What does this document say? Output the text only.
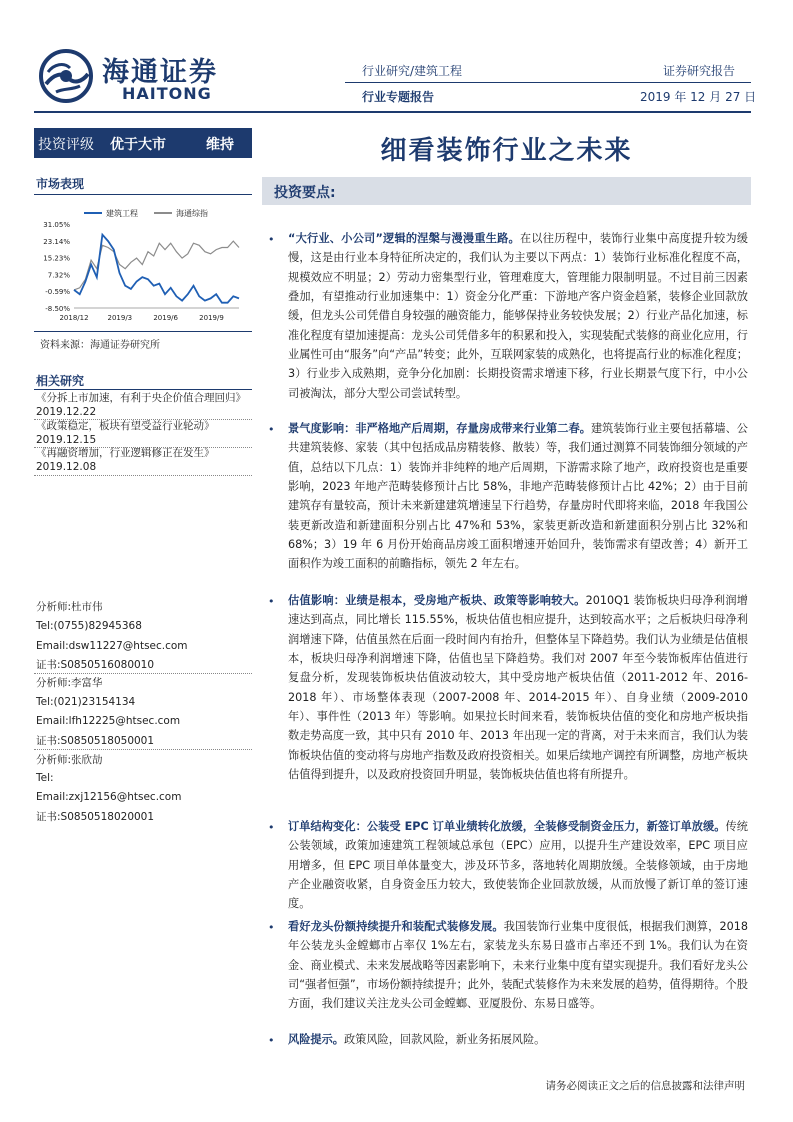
海通证券
HAITONG
行业研究/建筑工程	证券研究报告
行业专题报告	2019 年 12 月 27 日
投资评级 优于大市	维持
市场表现
建筑工程	海通综指
31.05%
23.14%
15.23%
7.32%
-0.59%
-8.50%
2018/12	2019/3	2019/6	2019/9
资料来源：海通证券研究所
相关研究
《分拆上市加速，有利于央企价值合理回归》2019.12.22
《政策稳定，板块有望受益行业轮动》2019.12.15
《再融资增加，行业逻辑修正在发生》2019.12.08
分析师:杜市伟
Tel:(0755)82945368
Email:dsw11227@htsec.com
证书:S0850516080010
分析师:李富华
Tel:(021)23154134
Email:lfh12225@htsec.com
证书:S0850518050001
分析师:张欣劼
Tel:
Email:zxj12156@htsec.com
证书:S0850518020001
细看装饰行业之未来
投资要点:
• “大行业、小公司”逻辑的涅槃与漫漫重生路。在以往历程中，装饰行业集中高度提升较为缓慢，这是由行业本身特征所决定的，我们认为主要以下两点：1）装饰行业标准化程度不高，规模效应不明显；2）劳动力密集型行业，管理难度大，管理能力限制明显。不过目前三因素叠加，有望推动行业加速集中：1）资金分化严重：下游地产客户资金趋紧，装修企业回款放缓，但龙头公司凭借自身较强的融资能力，能够保持业务较快发展；2）行业产品化加速，标准化程度有望加速提高：龙头公司凭借多年的积累和投入，实现装配式装修的商业化应用，行业属性可由“服务”向“产品”转变；此外，互联网家装的成熟化，也将提高行业的标准化程度；3）行业步入成熟期，竞争分化加剧：长期投资需求增速下移，行业长期景气度下行，中小公司被淘汰，部分大型公司尝试转型。
• 景气度影响：非严格地产后周期，存量房成带来行业第二春。建筑装饰行业主要包括幕墙、公共建筑装修、家装（其中包括成品房精装修、散装）等，我们通过测算不同装饰细分领域的产值，总结以下几点：1）装饰并非纯粹的地产后周期，下游需求除了地产，政府投资也是重要影响，2023 年地产范畴装修预计占比 58%，非地产范畴装修预计占比 42%；2）由于目前建筑存有量较高，预计未来新建建筑增速呈下行趋势，存量房时代即将来临，2018 年我国公装更新改造和新建面积分别占比 47%和 53%，家装更新改造和新建面积分别占比 32%和 68%；3）19 年 6 月份开始商品房竣工面积增速开始回升，装饰需求有望改善；4）新开工面积作为竣工面积的前瞻指标，领先 2 年左右。
• 估值影响：业绩是根本，受房地产板块、政策等影响较大。2010Q1 装饰板块归母净利润增速达到高点，同比增长 115.55%，板块估值也相应提升，达到较高水平；之后板块归母净利润增速下降，估值虽然在后面一段时间内有抬升，但整体呈下降趋势。我们认为业绩是估值根本，板块归母净利润增速下降，估值也呈下降趋势。我们对 2007 年至今装饰板库估值进行复盘分析，发现装饰板块估值波动较大，其中受房地产板块估值（2011-2012 年、2016-2018 年）、市场整体表现（2007-2008 年、2014-2015 年）、自身业绩（2009-2010 年）、事件性（2013 年）等影响。如果拉长时间来看，装饰板块估值的变化和房地产板块指数走势高度一致，其中只有 2010 年、2013 年出现一定的背离，对于未来而言，我们认为装饰板块估值的变动将与房地产指数及政府投资相关。如果后续地产调控有所调整，房地产板块估值得到提升，以及政府投资回升明显，装饰板块估值也将有所提升。
• 订单结构变化：公装受 EPC 订单业绩转化放缓，全装修受制资金压力，新签订单放缓。传统公装领域，政策加速建筑工程领域总承包（EPC）应用，以提升生产建设效率，EPC 项目应用增多，但 EPC 项目单体量变大，涉及环节多，落地转化周期放缓。全装修领域，由于房地产企业融资收紧，自身资金压力较大，致使装饰企业回款放缓，从而放慢了新订单的签订速度。
• 看好龙头份额持续提升和装配式装修发展。我国装饰行业集中度很低，根据我们测算，2018 年公装龙头金螳螂市占率仅 1%左右，家装龙头东易日盛市占率还不到 1%。我们认为在资金、商业模式、未来发展战略等因素影响下，未来行业集中度有望实现提升。我们看好龙头公司“强者恒强”，市场份额持续提升；此外，装配式装修作为未来发展的趋势，值得期待。个股方面，我们建议关注龙头公司金螳螂、亚厦股份、东易日盛等。
• 风险提示。政策风险，回款风险，新业务拓展风险。
请务必阅读正文之后的信息披露和法律声明
